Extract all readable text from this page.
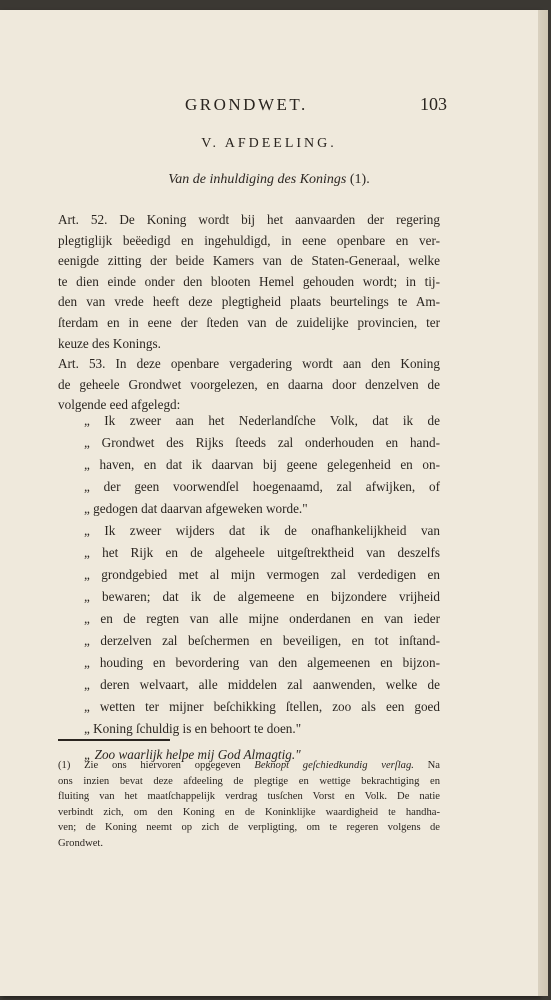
GRONDWET.	103
V. AFDEELING.
Van de inhuldiging des Konings (1).
Art. 52. De Koning wordt bij het aanvaarden der regering
plegtiglijk beëedigd en ingehuldigd, in eene openbare en ver-
eenigde zitting der beide Kamers van de Staten-Generaal, welke
te dien einde onder den blooten Hemel gehouden wordt; in tij-
den van vrede heeft deze plegtigheid plaats beurtelings te Am-
ſterdam en in eene der ſteden van de zuidelijke provincien, ter
keuze des Konings.
Art. 53. In deze openbare vergadering wordt aan den Koning
de geheele Grondwet voorgelezen, en daarna door denzelven de
volgende eed afgelegd:
„ Ik zweer aan het Nederlandſche Volk, dat ik de
„ Grondwet des Rijks ſteeds zal onderhouden en hand-
„ haven, en dat ik daarvan bij geene gelegenheid en on-
„ der geen voorwendſel hoegenaamd, zal afwijken, of
„ gedogen dat daarvan afgeweken worde."
„ Ik zweer wijders dat ik de onafhankelijkheid van
„ het Rijk en de algeheele uitgeſtrektheid van deszelfs
„ grondgebied met al mijn vermogen zal verdedigen en
„ bewaren; dat ik de algemeene en bijzondere vrijheid
„ en de regten van alle mijne onderdanen en van ieder
„ derzelven zal beſchermen en beveiligen, en tot inſtand-
„ houding en bevordering van den algemeenen en bijzon-
„ deren welvaart, alle middelen zal aanwenden, welke de
„ wetten ter mijner beſchikking ſtellen, zoo als een goed
„ Koning ſchuldig is en behoort te doen."
„ Zoo waarlijk helpe mij God Almagtig."
(1) Zie ons hiervoren opgegeven Beknopt geſchiedkundig verſlag. Na
ons inzien bevat deze afdeeling de plegtige en wettige bekrachtiging en
fluiting van het maatſchappelijk verdrag tusſchen Vorst en Volk. De natie
verbindt zich, om den Koning en de Koninklijke waardigheid te handha-
ven; de Koning neemt op zich de verpligting, om te regeren volgens de
Grondwet.
